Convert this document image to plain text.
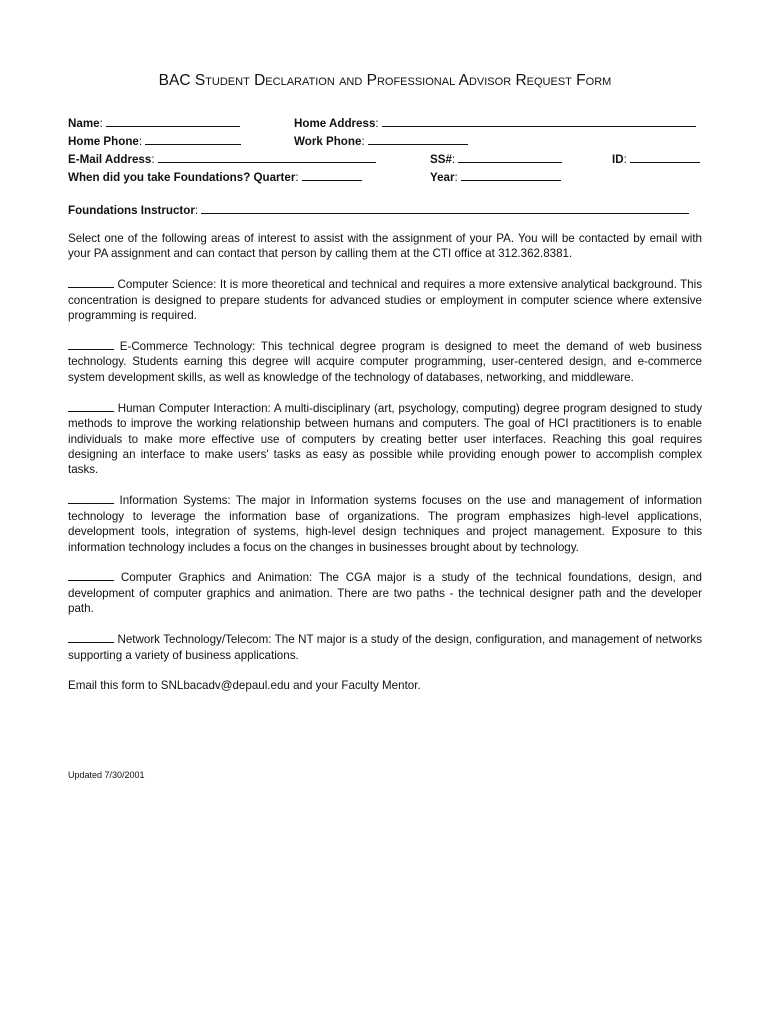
BAC Student Declaration and Professional Advisor Request Form
Name:	Home Address:
Home Phone:	Work Phone:
E-Mail Address:	SS#:	ID:
When did you take Foundations? Quarter:	Year:
Foundations Instructor:

Select one of the following areas of interest to assist with the assignment of your PA. You will be contacted by email with your PA assignment and can contact that person by calling them at the CTI office at 312.362.8381.

Computer Science: It is more theoretical and technical and requires a more extensive analytical background. This concentration is designed to prepare students for advanced studies or employment in computer science where extensive programming is required.

E-Commerce Technology: This technical degree program is designed to meet the demand of web business technology. Students earning this degree will acquire computer programming, user-centered design, and e-commerce system development skills, as well as knowledge of the technology of databases, networking, and middleware.

Human Computer Interaction: A multi-disciplinary (art, psychology, computing) degree program designed to study methods to improve the working relationship between humans and computers. The goal of HCI practitioners is to enable individuals to make more effective use of computers by creating better user interfaces. Reaching this goal requires designing an interface to make users' tasks as easy as possible while providing enough power to accomplish complex tasks.

Information Systems: The major in Information systems focuses on the use and management of information technology to leverage the information base of organizations. The program emphasizes high-level applications, development tools, integration of systems, high-level design techniques and project management. Exposure to this information technology includes a focus on the changes in businesses brought about by technology.

Computer Graphics and Animation: The CGA major is a study of the technical foundations, design, and development of computer graphics and animation. There are two paths - the technical designer path and the developer path.

Network Technology/Telecom: The NT major is a study of the design, configuration, and management of networks supporting a variety of business applications.

Email this form to SNLbacadv@depaul.edu and your Faculty Mentor.

Updated 7/30/2001
